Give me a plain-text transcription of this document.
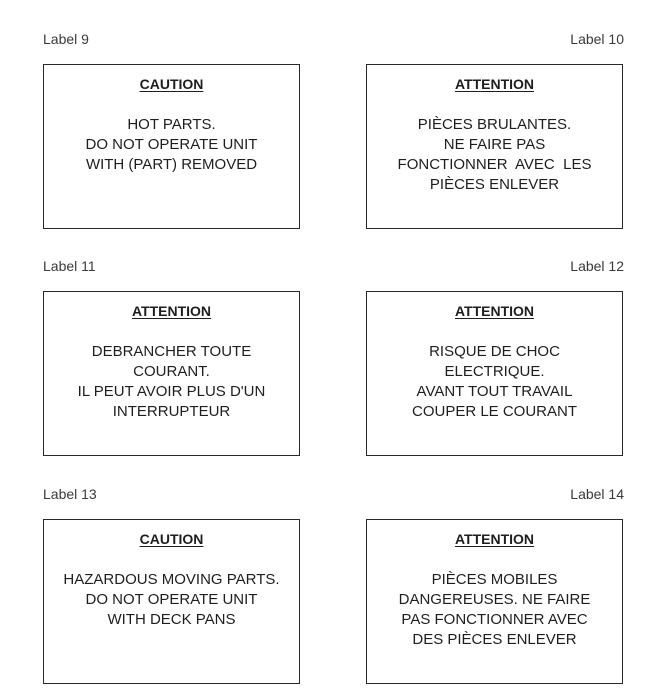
Label 9	Label 10
CAUTION
HOT PARTS.
DO NOT OPERATE UNIT
WITH (PART) REMOVED
ATTENTION
PIÈCES BRULANTES.
NE FAIRE PAS
FONCTIONNER  AVEC  LES
PIÈCES ENLEVER
Label 11	Label 12
ATTENTION
DEBRANCHER TOUTE
COURANT.
IL PEUT AVOIR PLUS D'UN
INTERRUPTEUR
ATTENTION
RISQUE DE CHOC
ELECTRIQUE.
AVANT TOUT TRAVAIL
COUPER LE COURANT
Label 13	Label 14
CAUTION
HAZARDOUS MOVING PARTS.
DO NOT OPERATE UNIT
WITH DECK PANS
ATTENTION
PIÈCES MOBILES
DANGEREUSES. NE FAIRE
PAS FONCTIONNER AVEC
DES PIÈCES ENLEVER
